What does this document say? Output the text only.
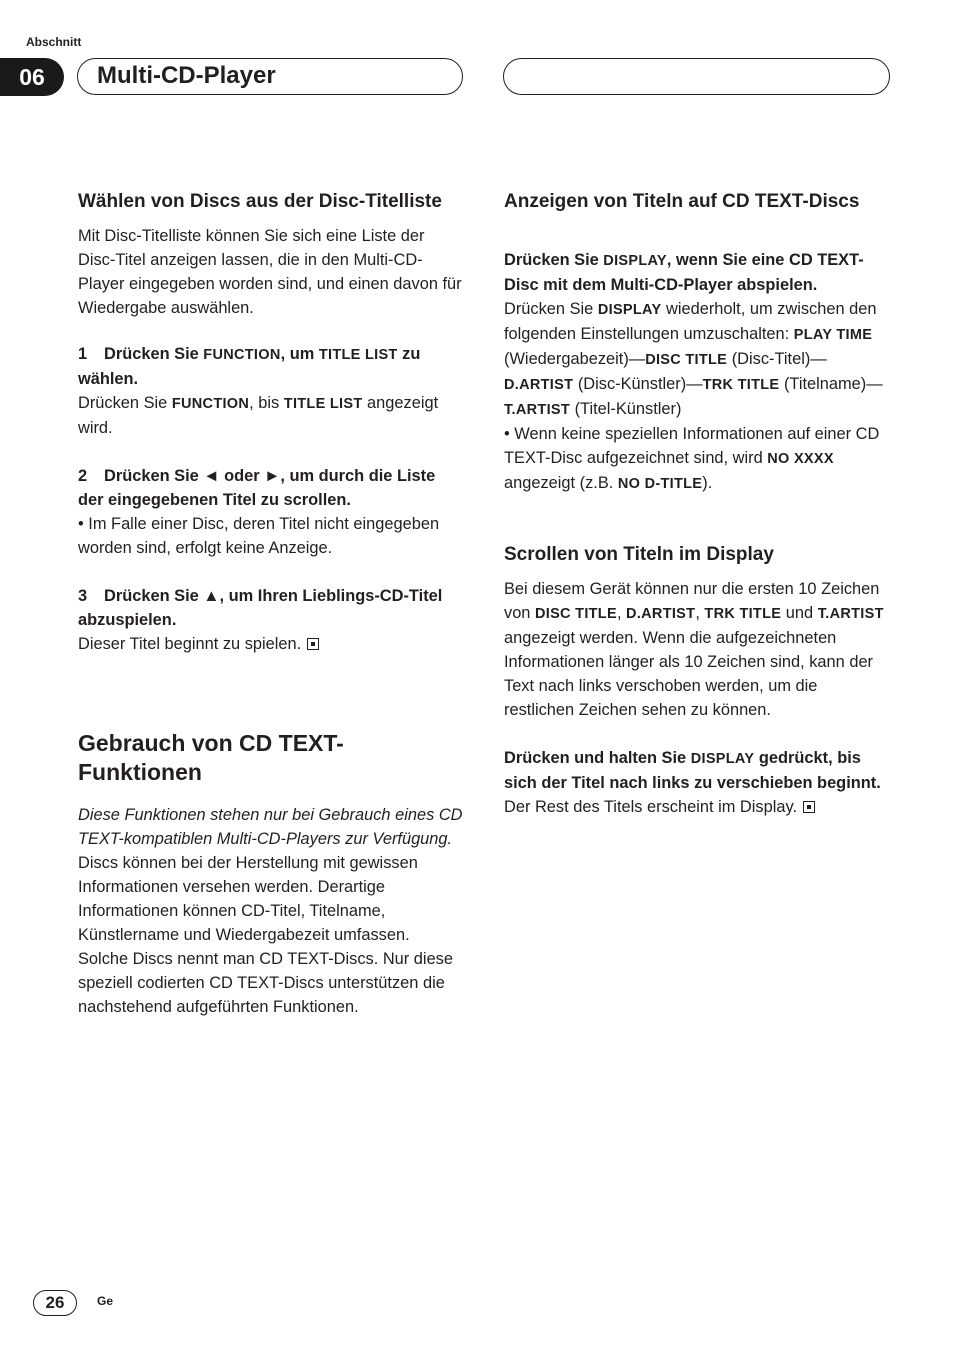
Abschnitt
06	Multi-CD-Player

Wählen von Discs aus der Disc-Titelliste

Mit Disc-Titelliste können Sie sich eine Liste der Disc-Titel anzeigen lassen, die in den Multi-CD-Player eingegeben worden sind, und einen davon für Wiedergabe auswählen.

1 Drücken Sie FUNCTION, um TITLE LIST zu wählen.

Drücken Sie FUNCTION, bis TITLE LIST angezeigt wird.

2 Drücken Sie ◄ oder ►, um durch die Liste der eingegebenen Titel zu scrollen.

• Im Falle einer Disc, deren Titel nicht eingegeben worden sind, erfolgt keine Anzeige.

3 Drücken Sie ▲, um Ihren Lieblings-CD-Titel abzuspielen.

Dieser Titel beginnt zu spielen.

Gebrauch von CD TEXT-Funktionen

Diese Funktionen stehen nur bei Gebrauch eines CD TEXT-kompatiblen Multi-CD-Players zur Verfügung.

Discs können bei der Herstellung mit gewissen Informationen versehen werden. Derartige Informationen können CD-Titel, Titelname, Künstlername und Wiedergabezeit umfassen. Solche Discs nennt man CD TEXT-Discs. Nur diese speziell codierten CD TEXT-Discs unterstützen die nachstehend aufgeführten Funktionen.

Anzeigen von Titeln auf CD TEXT-Discs

Drücken Sie DISPLAY, wenn Sie eine CD TEXT-Disc mit dem Multi-CD-Player abspielen.

Drücken Sie DISPLAY wiederholt, um zwischen den folgenden Einstellungen umzuschalten: PLAY TIME (Wiedergabezeit)—DISC TITLE (Disc-Titel)—D.ARTIST (Disc-Künstler)—TRK TITLE (Titelname)—T.ARTIST (Titel-Künstler)

• Wenn keine speziellen Informationen auf einer CD TEXT-Disc aufgezeichnet sind, wird NO XXXX angezeigt (z.B. NO D-TITLE).

Scrollen von Titeln im Display

Bei diesem Gerät können nur die ersten 10 Zeichen von DISC TITLE, D.ARTIST, TRK TITLE und T.ARTIST angezeigt werden. Wenn die aufgezeichneten Informationen länger als 10 Zeichen sind, kann der Text nach links verschoben werden, um die restlichen Zeichen sehen zu können.

Drücken und halten Sie DISPLAY gedrückt, bis sich der Titel nach links zu verschieben beginnt.

Der Rest des Titels erscheint im Display.

26	Ge
